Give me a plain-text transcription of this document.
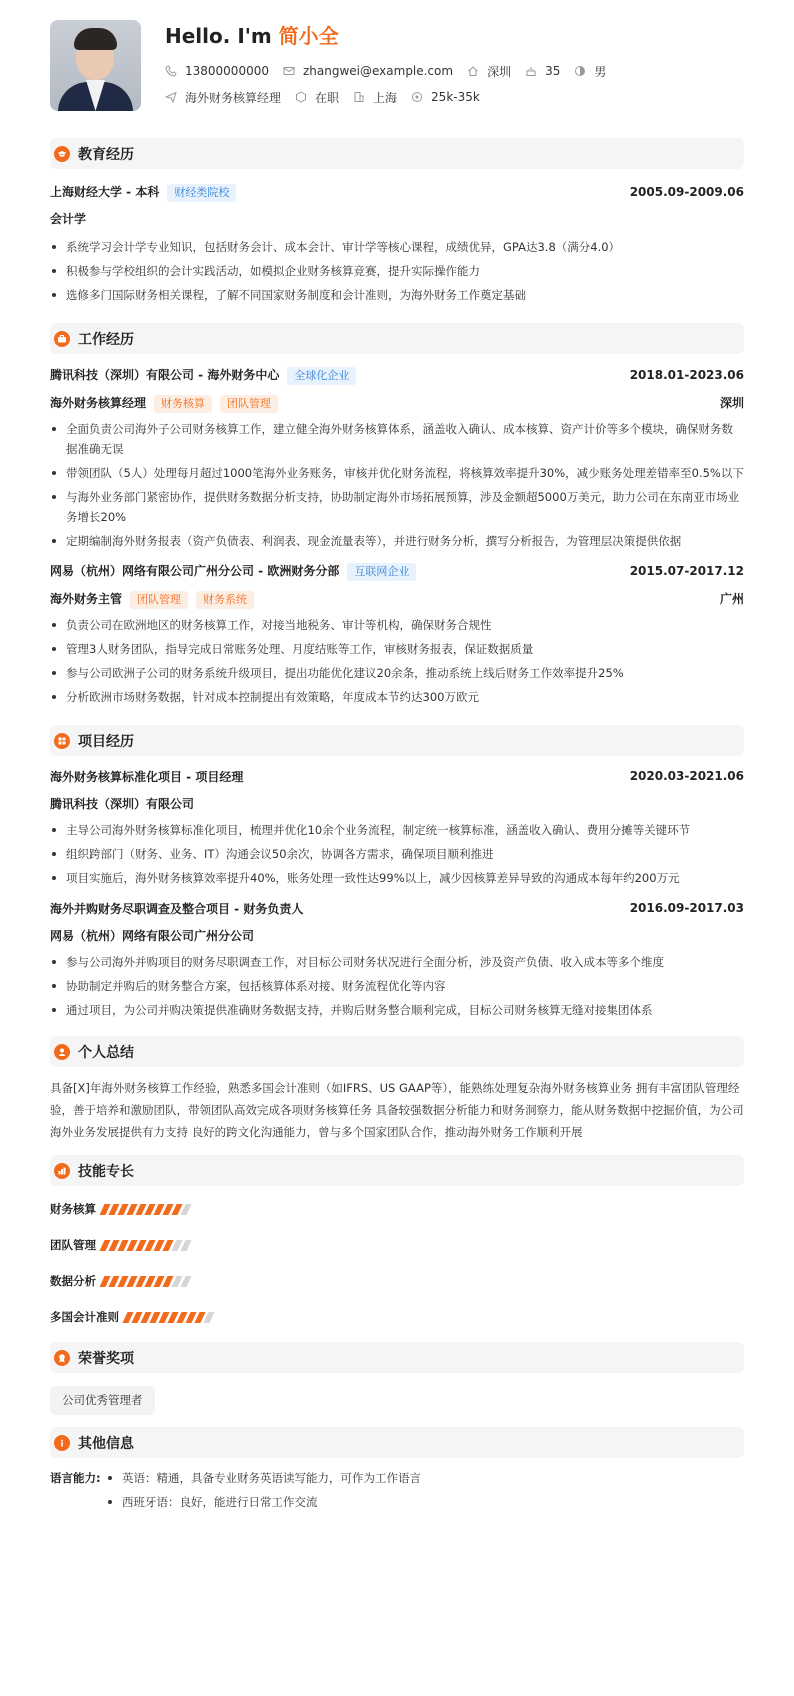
Hello. I'm 简小全
13800000000	zhangwei@example.com	深圳	35	男
海外财务核算经理	在职	上海	25k-35k
教育经历
上海财经大学 - 本科 财经类院校	2005.09-2009.06
会计学
系统学习会计学专业知识，包括财务会计、成本会计、审计学等核心课程，成绩优异，GPA达3.8（满分4.0）
积极参与学校组织的会计实践活动，如模拟企业财务核算竞赛，提升实际操作能力
选修多门国际财务相关课程，了解不同国家财务制度和会计准则，为海外财务工作奠定基础
工作经历
腾讯科技（深圳）有限公司 - 海外财务中心 全球化企业	2018.01-2023.06
海外财务核算经理 财务核算 团队管理	深圳
全面负责公司海外子公司财务核算工作，建立健全海外财务核算体系，涵盖收入确认、成本核算、资产计价等多个模块，确保财务数据准确无误
带领团队（5人）处理每月超过1000笔海外业务账务，审核并优化财务流程，将核算效率提升30%，减少账务处理差错率至0.5%以下
与海外业务部门紧密协作，提供财务数据分析支持，协助制定海外市场拓展预算，涉及金额超5000万美元，助力公司在东南亚市场业务增长20%
定期编制海外财务报表（资产负债表、利润表、现金流量表等），并进行财务分析，撰写分析报告，为管理层决策提供依据
网易（杭州）网络有限公司广州分公司 - 欧洲财务分部 互联网企业	2015.07-2017.12
海外财务主管 团队管理 财务系统	广州
负责公司在欧洲地区的财务核算工作，对接当地税务、审计等机构，确保财务合规性
管理3人财务团队，指导完成日常账务处理、月度结账等工作，审核财务报表，保证数据质量
参与公司欧洲子公司的财务系统升级项目，提出功能优化建议20余条，推动系统上线后财务工作效率提升25%
分析欧洲市场财务数据，针对成本控制提出有效策略，年度成本节约达300万欧元
项目经历
海外财务核算标准化项目 - 项目经理	2020.03-2021.06
腾讯科技（深圳）有限公司
主导公司海外财务核算标准化项目，梳理并优化10余个业务流程，制定统一核算标准，涵盖收入确认、费用分摊等关键环节
组织跨部门（财务、业务、IT）沟通会议50余次，协调各方需求，确保项目顺利推进
项目实施后，海外财务核算效率提升40%，账务处理一致性达99%以上，减少因核算差异导致的沟通成本每年约200万元
海外并购财务尽职调查及整合项目 - 财务负责人	2016.09-2017.03
网易（杭州）网络有限公司广州分公司
参与公司海外并购项目的财务尽职调查工作，对目标公司财务状况进行全面分析，涉及资产负债、收入成本等多个维度
协助制定并购后的财务整合方案，包括核算体系对接、财务流程优化等内容
通过项目，为公司并购决策提供准确财务数据支持，并购后财务整合顺利完成，目标公司财务核算无缝对接集团体系
个人总结
具备[X]年海外财务核算工作经验，熟悉多国会计准则（如IFRS、US GAAP等），能熟练处理复杂海外财务核算业务 拥有丰富团队管理经验，善于培养和激励团队，带领团队高效完成各项财务核算任务 具备较强数据分析能力和财务洞察力，能从财务数据中挖掘价值，为公司海外业务发展提供有力支持 良好的跨文化沟通能力，曾与多个国家团队合作，推动海外财务工作顺利开展
技能专长
财务核算
团队管理
数据分析
多国会计准则
荣誉奖项
公司优秀管理者
其他信息
语言能力:	英语：精通，具备专业财务英语读写能力，可作为工作语言
西班牙语：良好，能进行日常工作交流
